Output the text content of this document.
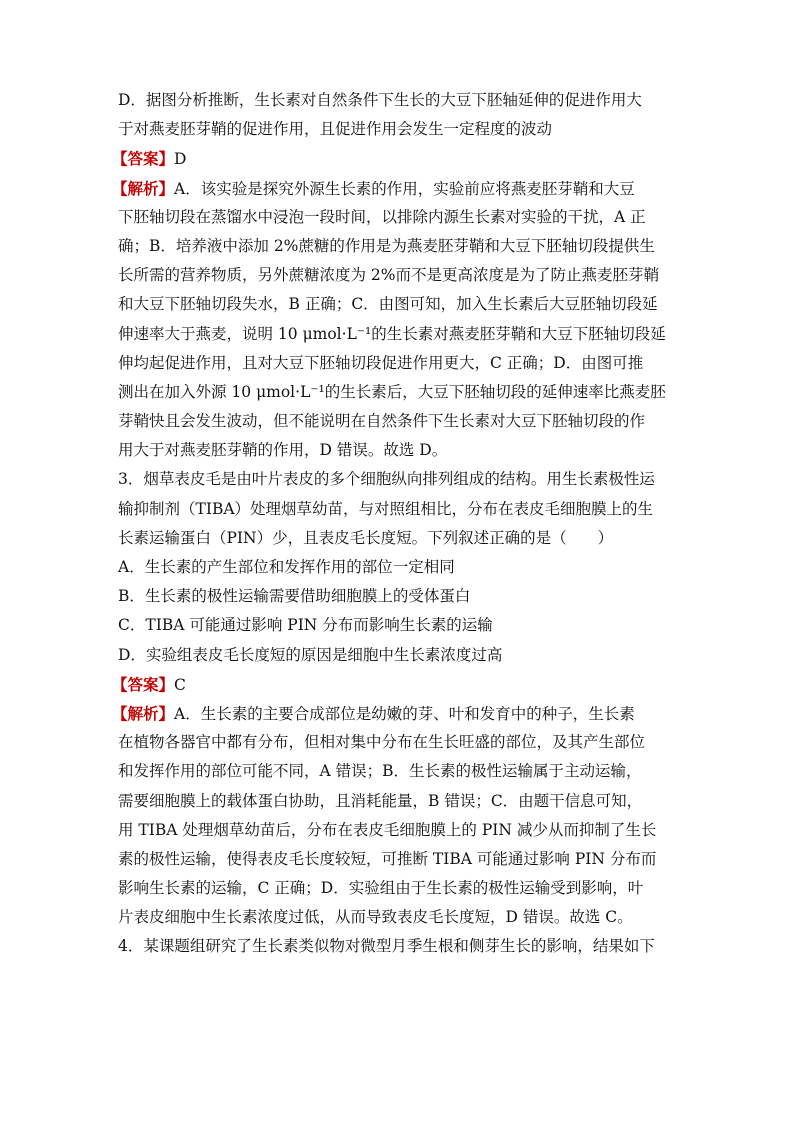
D．据图分析推断，生长素对自然条件下生长的大豆下胚轴延伸的促进作用大
于对燕麦胚芽鞘的促进作用，且促进作用会发生一定程度的波动
【答案】D
【解析】A．该实验是探究外源生长素的作用，实验前应将燕麦胚芽鞘和大豆
下胚轴切段在蒸馏水中浸泡一段时间，以排除内源生长素对实验的干扰，A 正
确；B．培养液中添加 2%蔗糖的作用是为燕麦胚芽鞘和大豆下胚轴切段提供生
长所需的营养物质，另外蔗糖浓度为 2%而不是更高浓度是为了防止燕麦胚芽鞘
和大豆下胚轴切段失水，B 正确；C．由图可知，加入生长素后大豆胚轴切段延
伸速率大于燕麦，说明 10 μmol·L⁻¹的生长素对燕麦胚芽鞘和大豆下胚轴切段延
伸均起促进作用，且对大豆下胚轴切段促进作用更大，C 正确；D．由图可推
测出在加入外源 10 μmol·L⁻¹的生长素后，大豆下胚轴切段的延伸速率比燕麦胚
芽鞘快且会发生波动，但不能说明在自然条件下生长素对大豆下胚轴切段的作
用大于对燕麦胚芽鞘的作用，D 错误。故选 D。
3．烟草表皮毛是由叶片表皮的多个细胞纵向排列组成的结构。用生长素极性运
输抑制剂（TIBA）处理烟草幼苗，与对照组相比，分布在表皮毛细胞膜上的生
长素运输蛋白（PIN）少，且表皮毛长度短。下列叙述正确的是（　　）
A．生长素的产生部位和发挥作用的部位一定相同
B．生长素的极性运输需要借助细胞膜上的受体蛋白
C．TIBA 可能通过影响 PIN 分布而影响生长素的运输
D．实验组表皮毛长度短的原因是细胞中生长素浓度过高
【答案】C
【解析】A．生长素的主要合成部位是幼嫩的芽、叶和发育中的种子，生长素
在植物各器官中都有分布，但相对集中分布在生长旺盛的部位，及其产生部位
和发挥作用的部位可能不同，A 错误；B．生长素的极性运输属于主动运输，
需要细胞膜上的载体蛋白协助，且消耗能量，B 错误；C．由题干信息可知，
用 TIBA 处理烟草幼苗后，分布在表皮毛细胞膜上的 PIN 减少从而抑制了生长
素的极性运输，使得表皮毛长度较短，可推断 TIBA 可能通过影响 PIN 分布而
影响生长素的运输，C 正确；D．实验组由于生长素的极性运输受到影响，叶
片表皮细胞中生长素浓度过低，从而导致表皮毛长度短，D 错误。故选 C。
4．某课题组研究了生长素类似物对微型月季生根和侧芽生长的影响，结果如下
